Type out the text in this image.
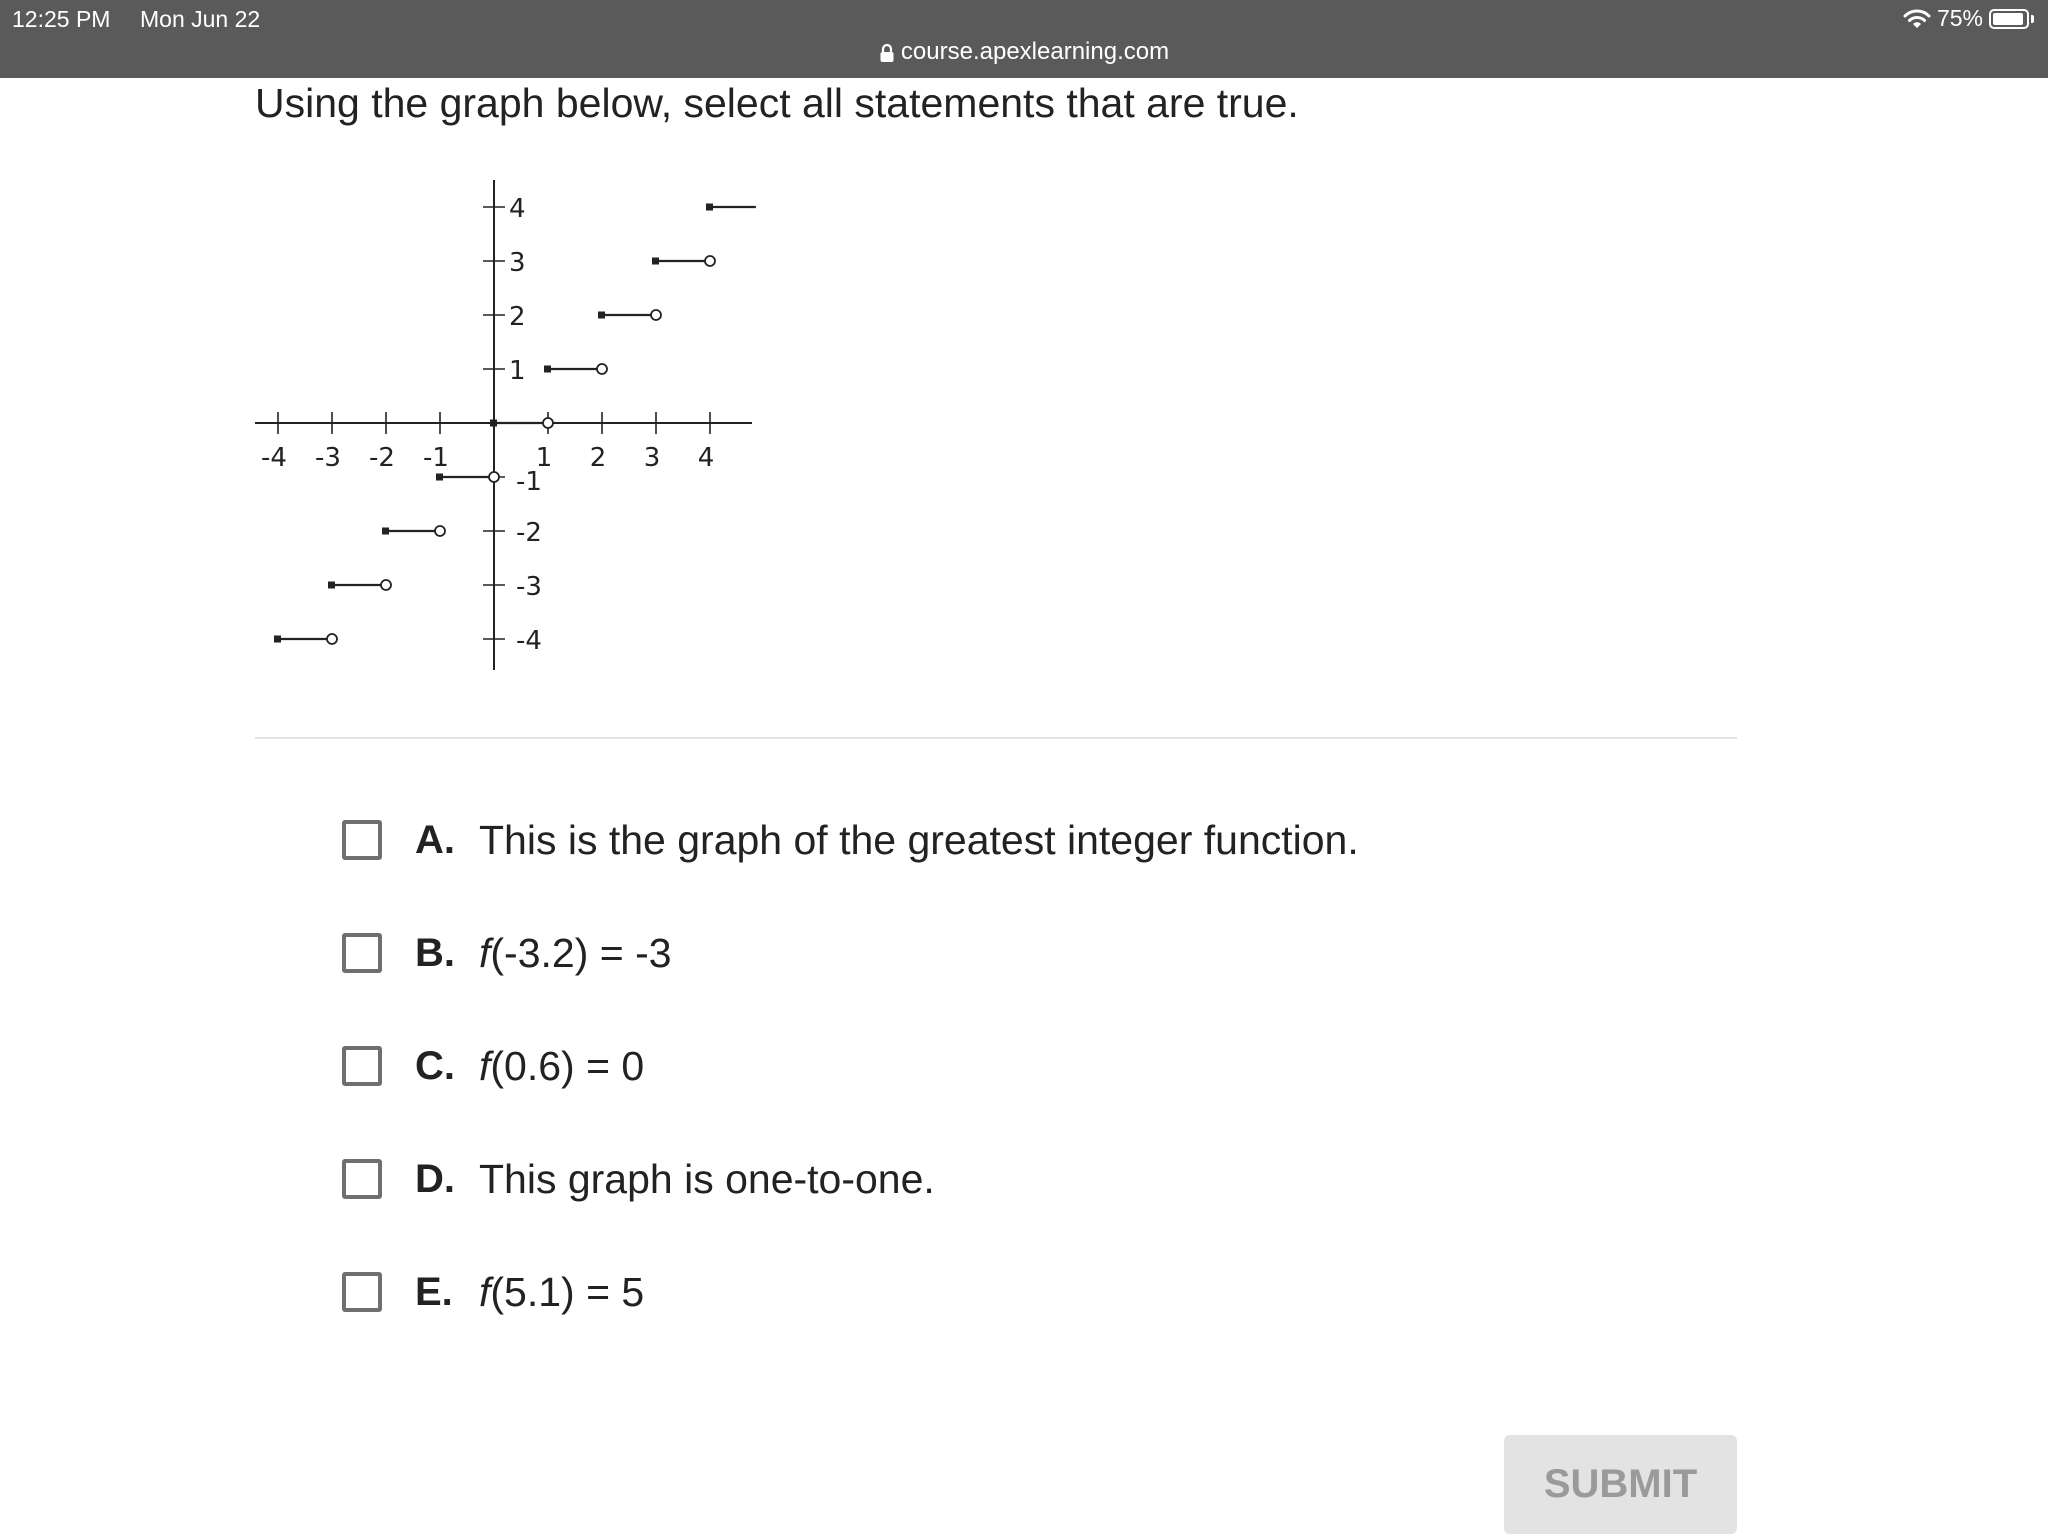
12:25 PM Mon Jun 22	75%
course.apexlearning.com
Using the graph below, select all statements that are true.
-4 -3 -2 -1	1 2 3 4
4
3
2
1
-1
-2
-3
-4
A. This is the graph of the greatest integer function.
B. f(-3.2) = -3
C. f(0.6) = 0
D. This graph is one-to-one.
E. f(5.1) = 5
SUBMIT
